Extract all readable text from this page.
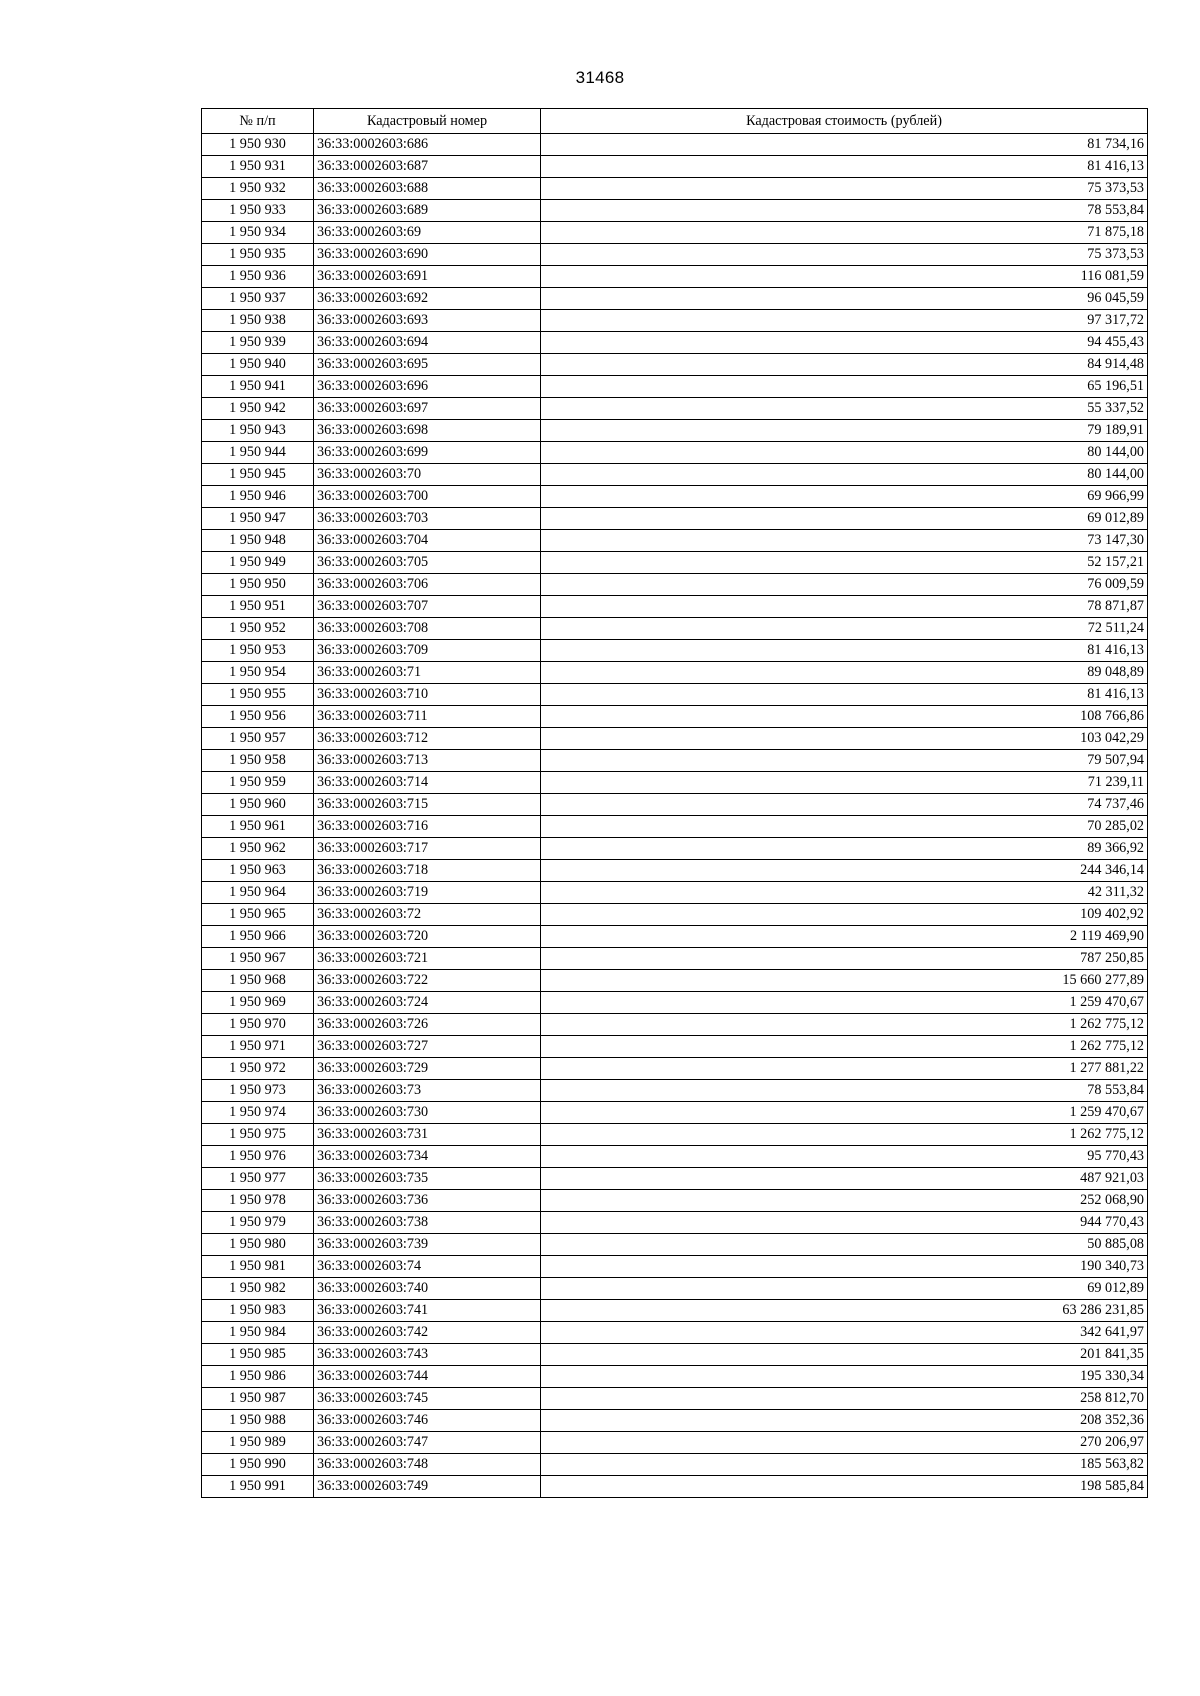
31468
№ п/п	Кадастровый номер	Кадастровая стоимость (рублей)
1 950 930	36:33:0002603:686	81 734,16
1 950 931	36:33:0002603:687	81 416,13
1 950 932	36:33:0002603:688	75 373,53
1 950 933	36:33:0002603:689	78 553,84
1 950 934	36:33:0002603:69	71 875,18
1 950 935	36:33:0002603:690	75 373,53
1 950 936	36:33:0002603:691	116 081,59
1 950 937	36:33:0002603:692	96 045,59
1 950 938	36:33:0002603:693	97 317,72
1 950 939	36:33:0002603:694	94 455,43
1 950 940	36:33:0002603:695	84 914,48
1 950 941	36:33:0002603:696	65 196,51
1 950 942	36:33:0002603:697	55 337,52
1 950 943	36:33:0002603:698	79 189,91
1 950 944	36:33:0002603:699	80 144,00
1 950 945	36:33:0002603:70	80 144,00
1 950 946	36:33:0002603:700	69 966,99
1 950 947	36:33:0002603:703	69 012,89
1 950 948	36:33:0002603:704	73 147,30
1 950 949	36:33:0002603:705	52 157,21
1 950 950	36:33:0002603:706	76 009,59
1 950 951	36:33:0002603:707	78 871,87
1 950 952	36:33:0002603:708	72 511,24
1 950 953	36:33:0002603:709	81 416,13
1 950 954	36:33:0002603:71	89 048,89
1 950 955	36:33:0002603:710	81 416,13
1 950 956	36:33:0002603:711	108 766,86
1 950 957	36:33:0002603:712	103 042,29
1 950 958	36:33:0002603:713	79 507,94
1 950 959	36:33:0002603:714	71 239,11
1 950 960	36:33:0002603:715	74 737,46
1 950 961	36:33:0002603:716	70 285,02
1 950 962	36:33:0002603:717	89 366,92
1 950 963	36:33:0002603:718	244 346,14
1 950 964	36:33:0002603:719	42 311,32
1 950 965	36:33:0002603:72	109 402,92
1 950 966	36:33:0002603:720	2 119 469,90
1 950 967	36:33:0002603:721	787 250,85
1 950 968	36:33:0002603:722	15 660 277,89
1 950 969	36:33:0002603:724	1 259 470,67
1 950 970	36:33:0002603:726	1 262 775,12
1 950 971	36:33:0002603:727	1 262 775,12
1 950 972	36:33:0002603:729	1 277 881,22
1 950 973	36:33:0002603:73	78 553,84
1 950 974	36:33:0002603:730	1 259 470,67
1 950 975	36:33:0002603:731	1 262 775,12
1 950 976	36:33:0002603:734	95 770,43
1 950 977	36:33:0002603:735	487 921,03
1 950 978	36:33:0002603:736	252 068,90
1 950 979	36:33:0002603:738	944 770,43
1 950 980	36:33:0002603:739	50 885,08
1 950 981	36:33:0002603:74	190 340,73
1 950 982	36:33:0002603:740	69 012,89
1 950 983	36:33:0002603:741	63 286 231,85
1 950 984	36:33:0002603:742	342 641,97
1 950 985	36:33:0002603:743	201 841,35
1 950 986	36:33:0002603:744	195 330,34
1 950 987	36:33:0002603:745	258 812,70
1 950 988	36:33:0002603:746	208 352,36
1 950 989	36:33:0002603:747	270 206,97
1 950 990	36:33:0002603:748	185 563,82
1 950 991	36:33:0002603:749	198 585,84
